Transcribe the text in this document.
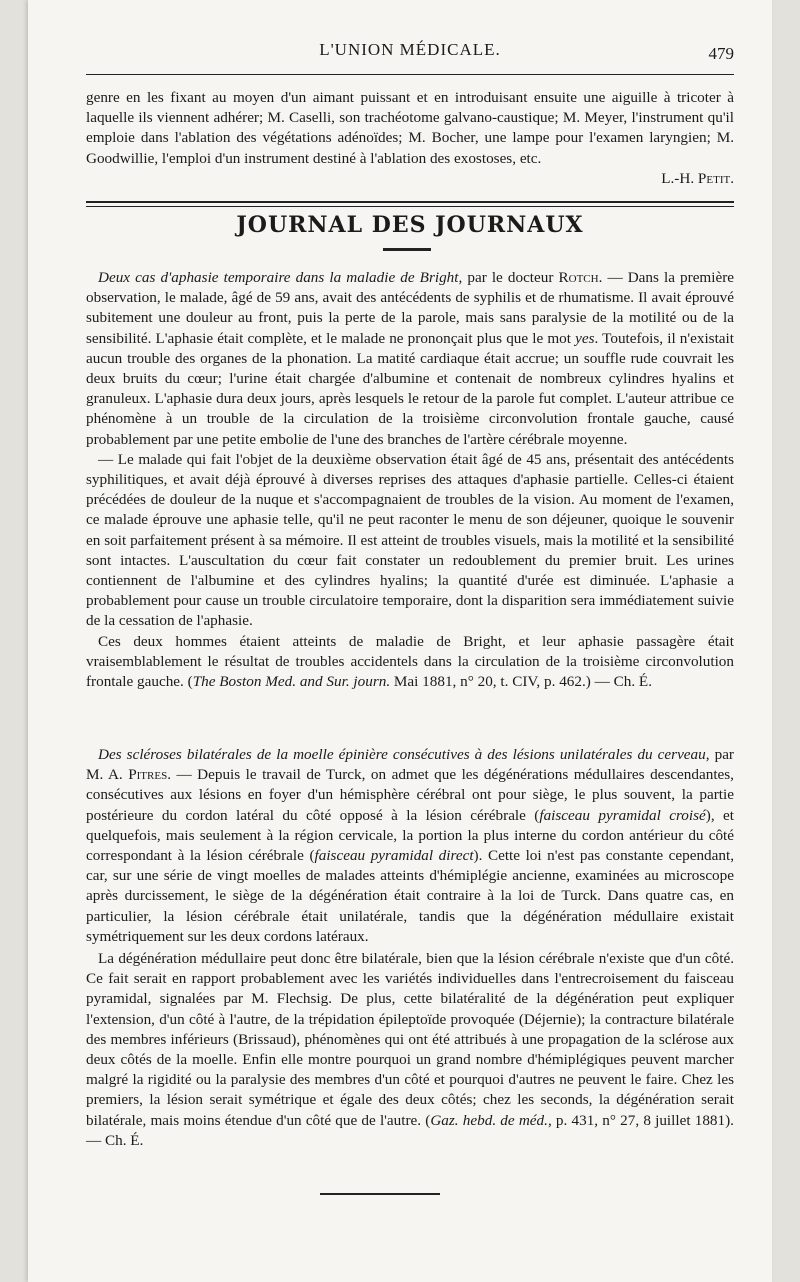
L'UNION MÉDICALE.	479

genre en les fixant au moyen d'un aimant puissant et en introduisant ensuite une aiguille à tricoter à laquelle ils viennent adhérer; M. Caselli, son trachéotome galvano-caustique; M. Meyer, l'instrument qu'il emploie dans l'ablation des végétations adénoïdes; M. Bocher, une lampe pour l'examen laryngien; M. Goodwillie, l'emploi d'un instrument destiné à l'ablation des exostoses, etc.

L.-H. Petit.

JOURNAL DES JOURNAUX

Deux cas d'aphasie temporaire dans la maladie de Bright, par le docteur Rotch. — Dans la première observation, le malade, âgé de 59 ans, avait des antécédents de syphilis et de rhumatisme. Il avait éprouvé subitement une douleur au front, puis la perte de la parole, mais sans paralysie de la motilité ou de la sensibilité. L'aphasie était complète, et le malade ne prononçait plus que le mot yes. Toutefois, il n'existait aucun trouble des organes de la phonation. La matité cardiaque était accrue; un souffle rude couvrait les deux bruits du cœur; l'urine était chargée d'albumine et contenait de nombreux cylindres hyalins et granuleux. L'aphasie dura deux jours, après lesquels le retour de la parole fut complet. L'auteur attribue ce phénomène à un trouble de la circulation de la troisième circonvolution frontale gauche, causé probablement par une petite embolie de l'une des branches de l'artère cérébrale moyenne.

— Le malade qui fait l'objet de la deuxième observation était âgé de 45 ans, présentait des antécédents syphilitiques, et avait déjà éprouvé à diverses reprises des attaques d'aphasie partielle. Celles-ci étaient précédées de douleur de la nuque et s'accompagnaient de troubles de la vision. Au moment de l'examen, ce malade éprouve une aphasie telle, qu'il ne peut raconter le menu de son déjeuner, quoique le souvenir en soit parfaitement présent à sa mémoire. Il est atteint de troubles visuels, mais la motilité et la sensibilité sont intactes. L'auscultation du cœur fait constater un redoublement du premier bruit. Les urines contiennent de l'albumine et des cylindres hyalins; la quantité d'urée est diminuée. L'aphasie a probablement pour cause un trouble circulatoire temporaire, dont la disparition sera immédiatement suivie de la cessation de l'aphasie.

Ces deux hommes étaient atteints de maladie de Bright, et leur aphasie passagère était vraisemblablement le résultat de troubles accidentels dans la circulation de la troisième circonvolution frontale gauche. (The Boston Med. and Sur. journ. Mai 1881, n° 20, t. CIV, p. 462.) — Ch. É.

Des scléroses bilatérales de la moelle épinière consécutives à des lésions unilatérales du cerveau, par M. A. Pitres. — Depuis le travail de Turck, on admet que les dégénérations médullaires descendantes, consécutives aux lésions en foyer d'un hémisphère cérébral ont pour siège, le plus souvent, la partie postérieure du cordon latéral du côté opposé à la lésion cérébrale (faisceau pyramidal croisé), et quelquefois, mais seulement à la région cervicale, la portion la plus interne du cordon antérieur du côté correspondant à la lésion cérébrale (faisceau pyramidal direct). Cette loi n'est pas constante cependant, car, sur une série de vingt moelles de malades atteints d'hémiplégie ancienne, examinées au microscope après durcissement, le siège de la dégénération était contraire à la loi de Turck. Dans quatre cas, en particulier, la lésion cérébrale était unilatérale, tandis que la dégénération médullaire existait symétriquement sur les deux cordons latéraux.

La dégénération médullaire peut donc être bilatérale, bien que la lésion cérébrale n'existe que d'un côté. Ce fait serait en rapport probablement avec les variétés individuelles dans l'entrecroisement du faisceau pyramidal, signalées par M. Flechsig. De plus, cette bilatéralité de la dégénération peut expliquer l'extension, d'un côté à l'autre, de la trépidation épileptoïde provoquée (Déjernie); la contracture bilatérale des membres inférieurs (Brissaud), phénomènes qui ont été attribués à une propagation de la sclérose aux deux côtés de la moelle. Enfin elle montre pourquoi un grand nombre d'hémiplégiques peuvent marcher malgré la rigidité ou la paralysie des membres d'un côté et pourquoi d'autres ne peuvent le faire. Chez les premiers, la lésion serait symétrique et égale des deux côtés; chez les seconds, la dégénération serait bilatérale, mais moins étendue d'un côté que de l'autre. (Gaz. hebd. de méd., p. 431, n° 27, 8 juillet 1881). — Ch. É.
